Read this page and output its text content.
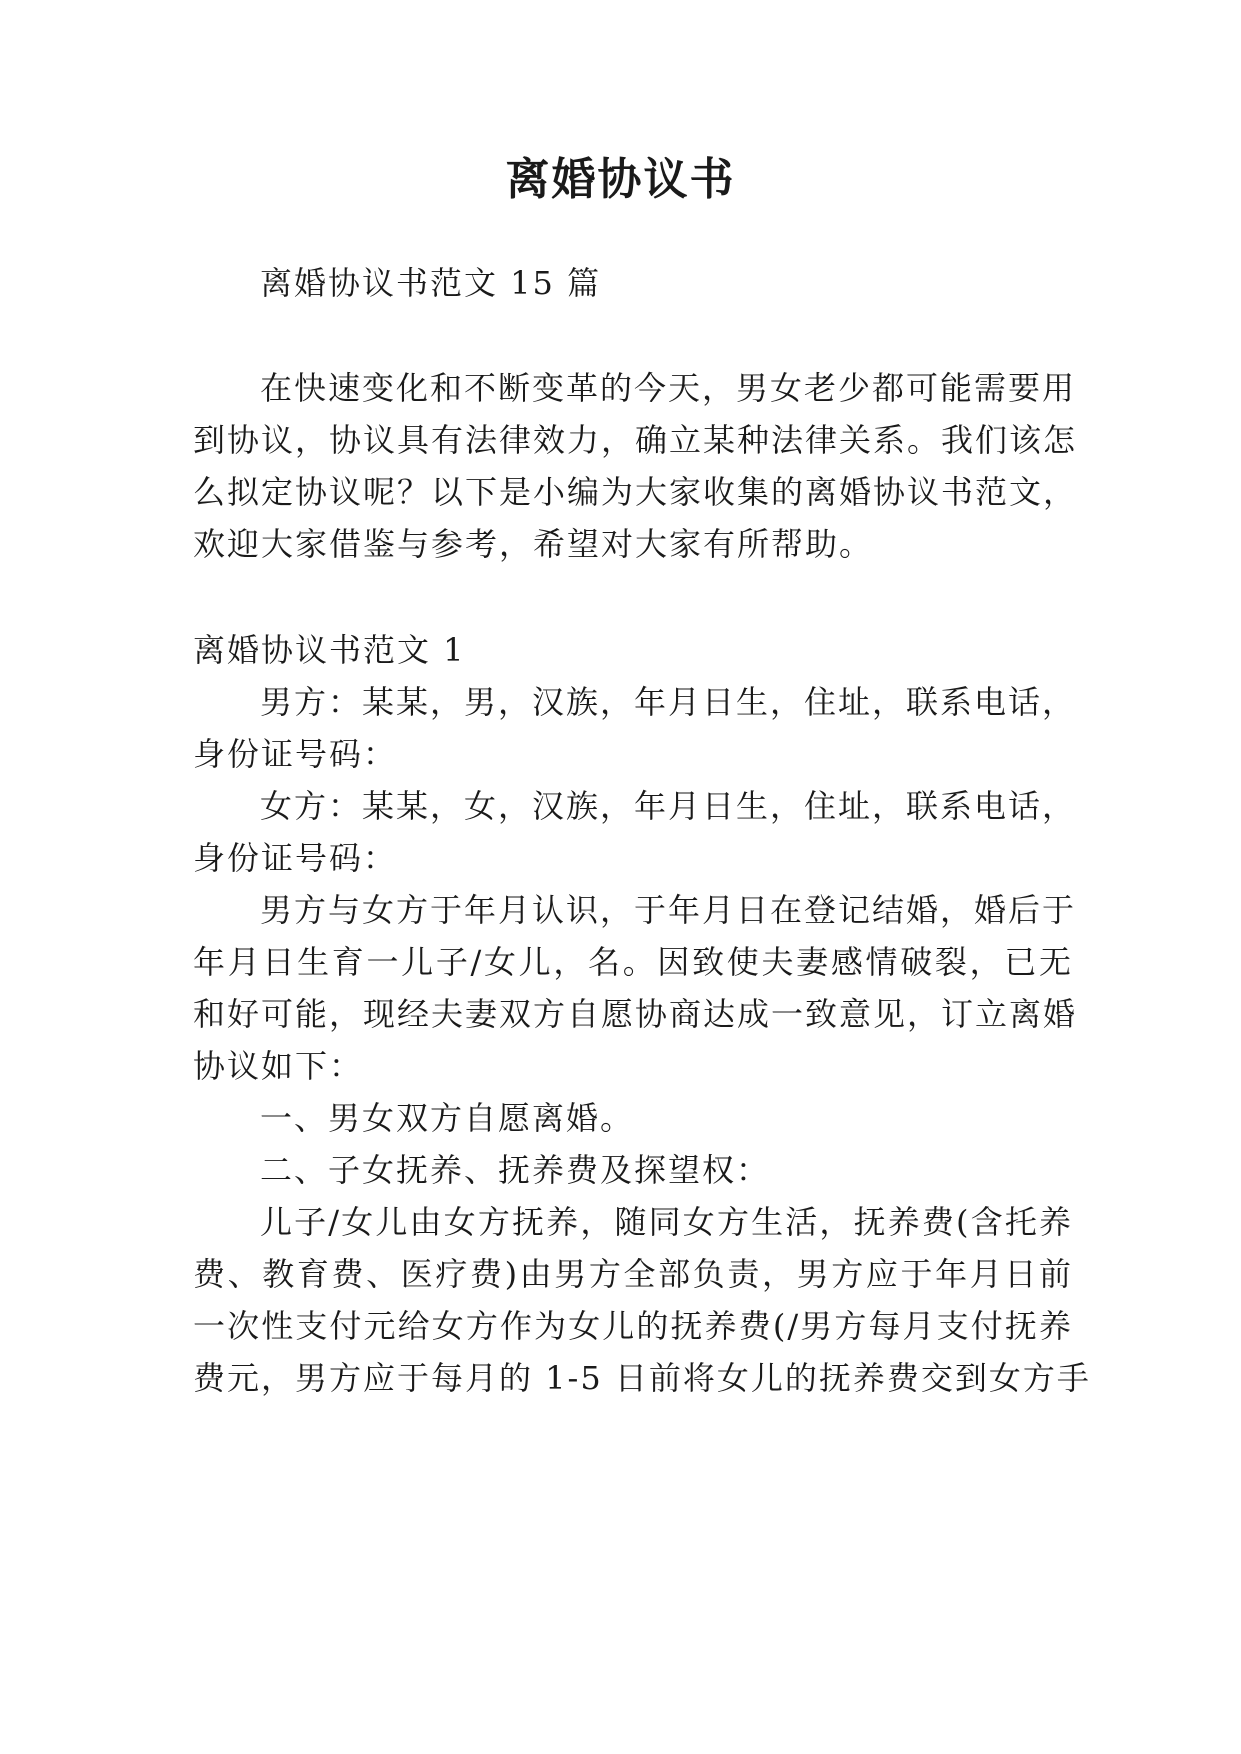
离婚协议书
离婚协议书范文 15 篇
在快速变化和不断变革的今天，男女老少都可能需要用
到协议，协议具有法律效力，确立某种法律关系。我们该怎
么拟定协议呢？以下是小编为大家收集的离婚协议书范文，
欢迎大家借鉴与参考，希望对大家有所帮助。
离婚协议书范文 1
男方：某某，男，汉族，年月日生，住址，联系电话，
身份证号码：
女方：某某，女，汉族，年月日生，住址，联系电话，
身份证号码：
男方与女方于年月认识，于年月日在登记结婚，婚后于
年月日生育一儿子/女儿，名。因致使夫妻感情破裂，已无
和好可能，现经夫妻双方自愿协商达成一致意见，订立离婚
协议如下：
一、男女双方自愿离婚。
二、子女抚养、抚养费及探望权：
儿子/女儿由女方抚养，随同女方生活，抚养费(含托养
费、教育费、医疗费)由男方全部负责，男方应于年月日前
一次性支付元给女方作为女儿的抚养费(/男方每月支付抚养
费元，男方应于每月的 1-5 日前将女儿的抚养费交到女方手
